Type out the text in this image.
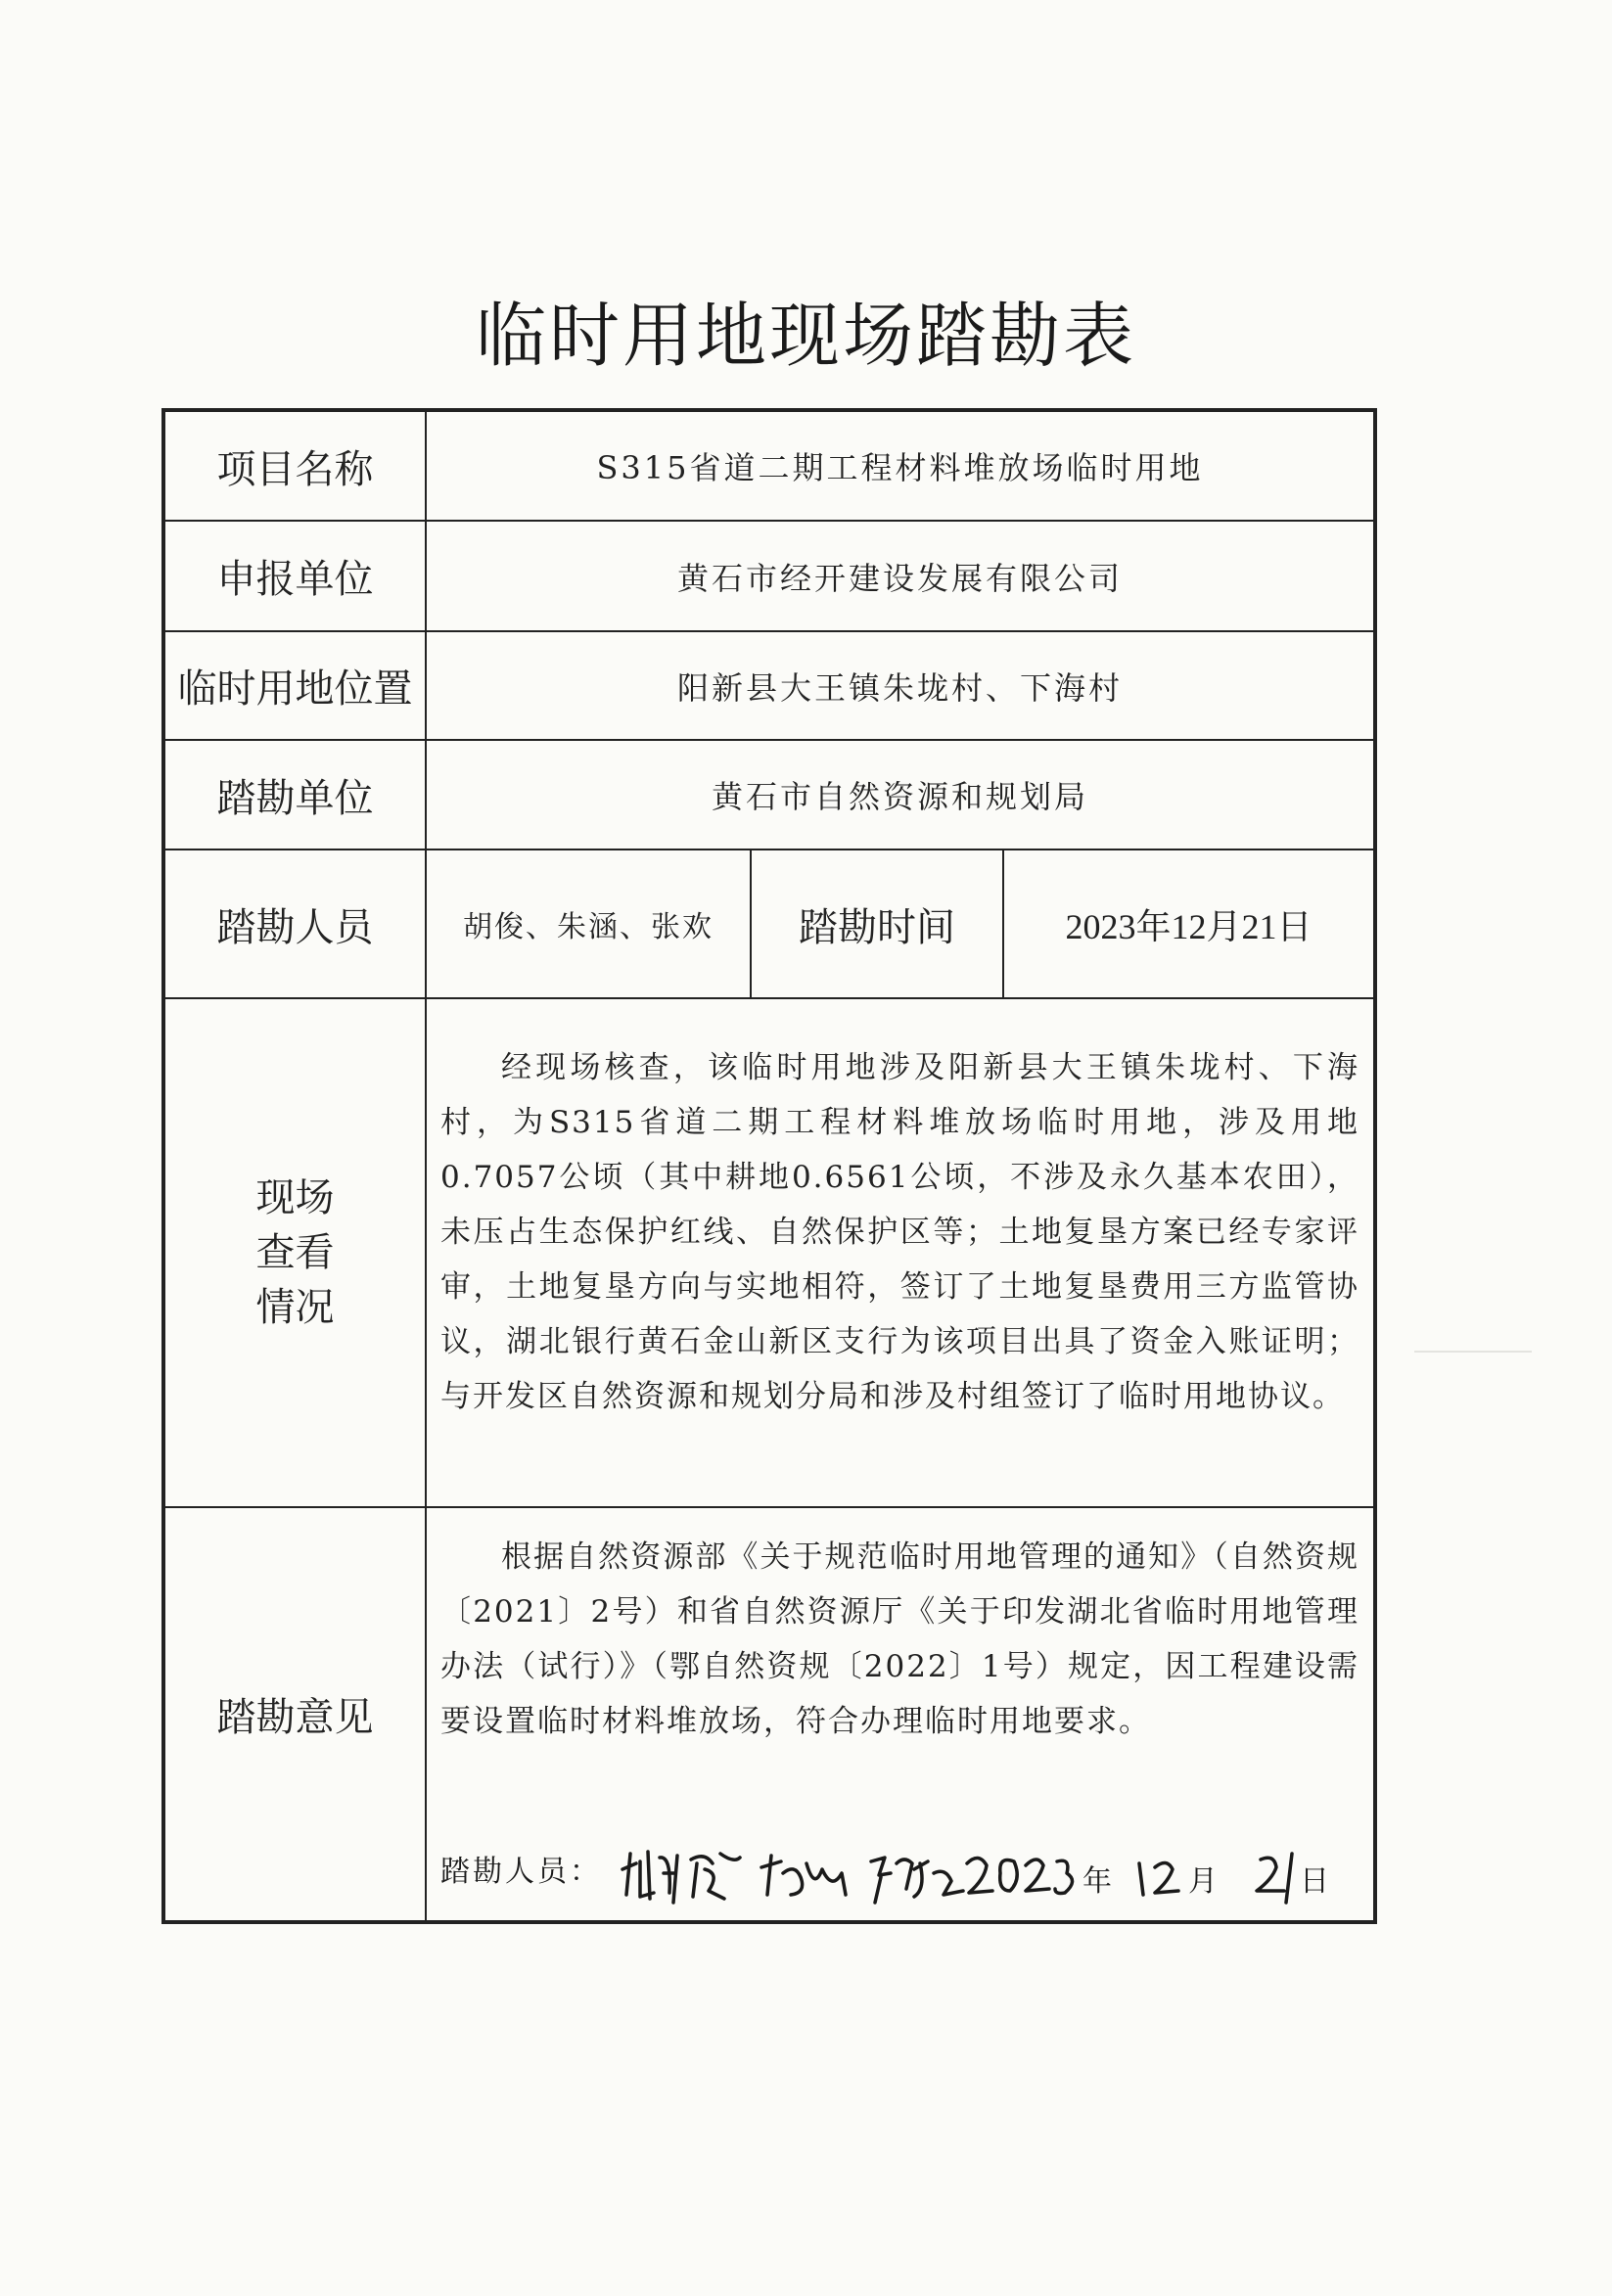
临时用地现场踏勘表
项目名称	S315省道二期工程材料堆放场临时用地		
申报单位	黄石市经开建设发展有限公司		
临时用地位置	阳新县大王镇朱垅村、下海村		
踏勘单位	黄石市自然资源和规划局		
踏勘人员	胡俊、朱涵、张欢	踏勘时间	2023年12月21日
现场
查看
情况	经现场核查，该临时用地涉及阳新县大王镇朱垅村、下海村，为S315省道二期工程材料堆放场临时用地，涉及用地0.7057公顷（其中耕地0.6561公顷，不涉及永久基本农田），未压占生态保护红线、自然保护区等；土地复垦方案已经专家评审，土地复垦方向与实地相符，签订了土地复垦费用三方监管协议，湖北银行黄石金山新区支行为该项目出具了资金入账证明；与开发区自然资源和规划分局和涉及村组签订了临时用地协议。		

踏勘意见	根据自然资源部《关于规范临时用地管理的通知》（自然资规〔2021〕2号）和省自然资源厅《关于印发湖北省临时用地管理办法（试行）》（鄂自然资规〔2022〕1号）规定，因工程建设需要设置临时材料堆放场，符合办理临时用地要求。

踏勘人员： 年 月 日		
